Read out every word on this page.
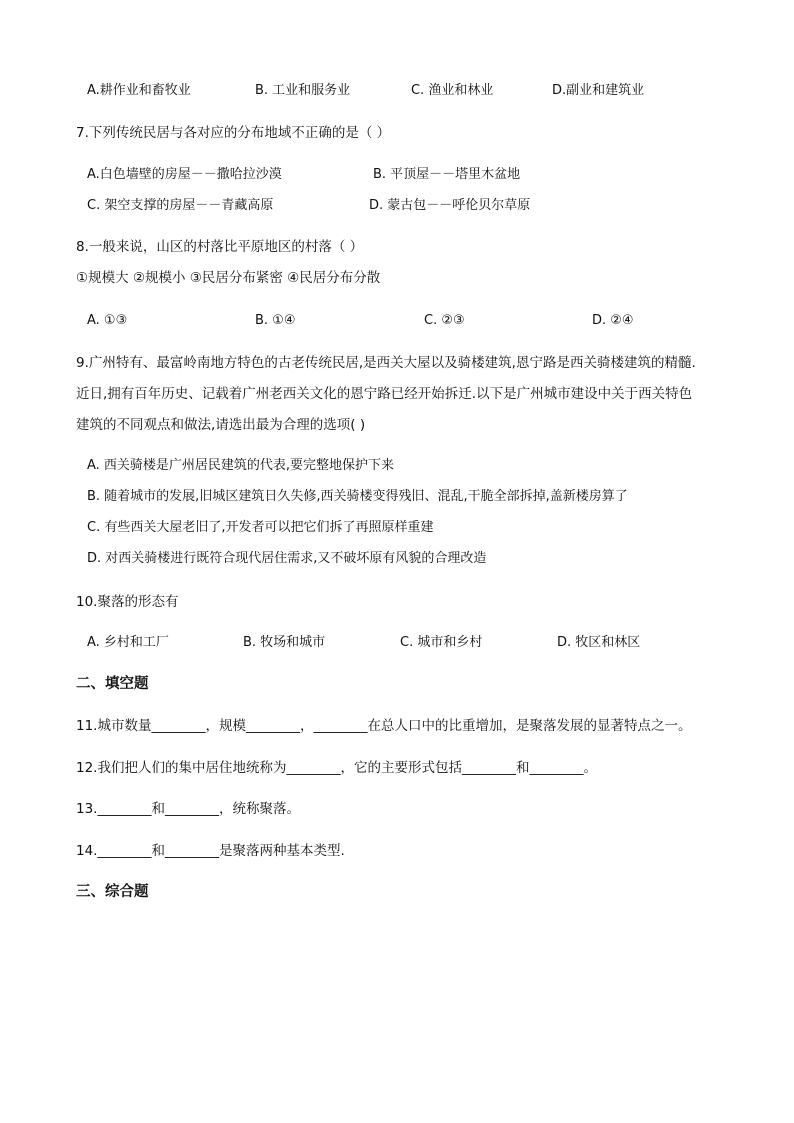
A.耕作业和畜牧业	B. 工业和服务业	C. 渔业和林业	D.副业和建筑业
7.下列传统民居与各对应的分布地域不正确的是（ ）
A.白色墙壁的房屋－－撒哈拉沙漠	B. 平顶屋－－塔里木盆地
C. 架空支撑的房屋－－青藏高原	D. 蒙古包－－呼伦贝尔草原
8.一般来说，山区的村落比平原地区的村落（ ）
①规模大 ②规模小 ③民居分布紧密 ④民居分布分散
A. ①③	B. ①④	C. ②③	D. ②④
9.广州特有、最富岭南地方特色的古老传统民居,是西关大屋以及骑楼建筑,恩宁路是西关骑楼建筑的精髓.
近日,拥有百年历史、记载着广州老西关文化的恩宁路已经开始拆迁.以下是广州城市建设中关于西关特色
建筑的不同观点和做法,请选出最为合理的选项( )
A. 西关骑楼是广州居民建筑的代表,要完整地保护下来
B. 随着城市的发展,旧城区建筑日久失修,西关骑楼变得残旧、混乱,干脆全部拆掉,盖新楼房算了
C. 有些西关大屋老旧了,开发者可以把它们拆了再照原样重建
D. 对西关骑楼进行既符合现代居住需求,又不破坏原有风貌的合理改造
10.聚落的形态有
A. 乡村和工厂	B. 牧场和城市	C. 城市和乡村	D. 牧区和林区
二、填空题
11.城市数量________，规模________，________在总人口中的比重增加，是聚落发展的显著特点之一。
12.我们把人们的集中居住地统称为________，它的主要形式包括________和________。
13.________和________，统称聚落。
14.________和________是聚落两种基本类型.
三、综合题
